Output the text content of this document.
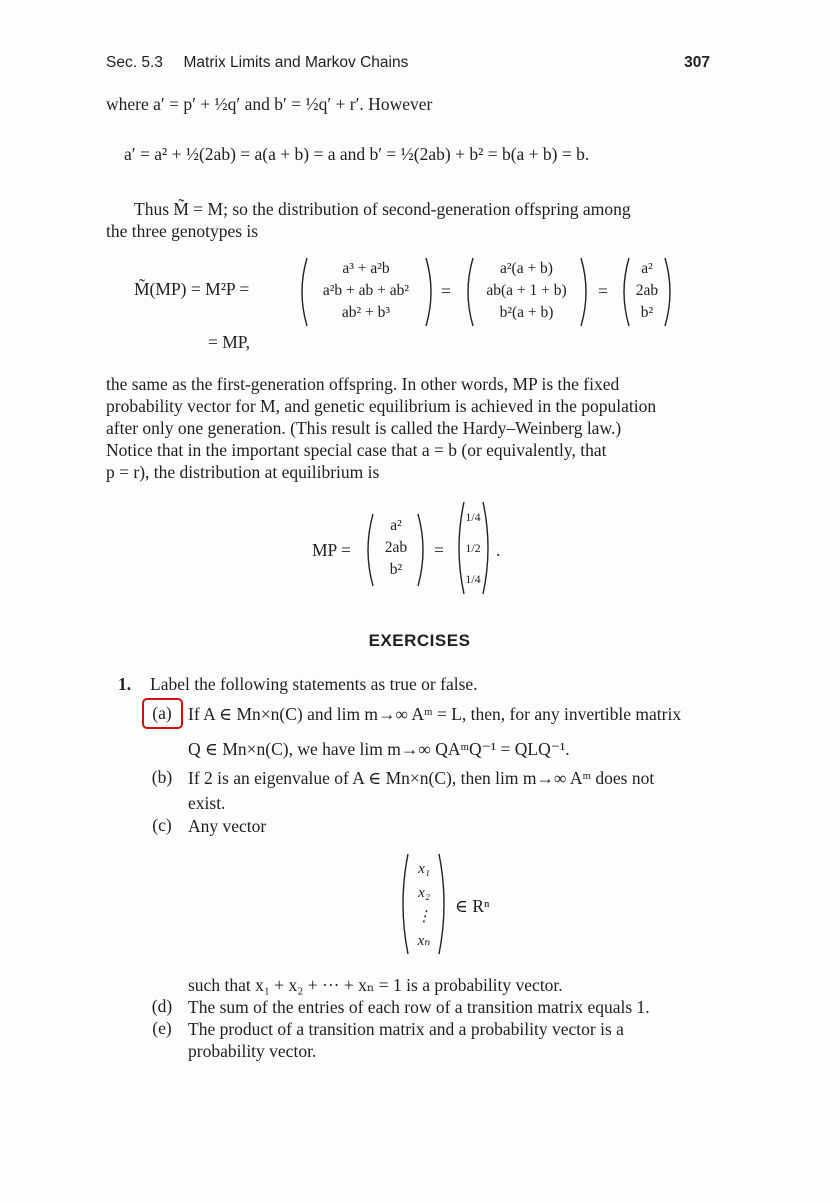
Sec. 5.3 Matrix Limits and Markov Chains	307
where a′ = p′ + ½q′ and b′ = ½q′ + r′. However
a′ = a² + ½(2ab) = a(a + b) = a and b′ = ½(2ab) + b² = b(a + b) = b.
Thus M̃ = M; so the distribution of second-generation offspring among
the three genotypes is
M̃(MP) = M²P =
a³ + a²b
a²b + ab + ab²
ab² + b³
=
a²(a + b)
ab(a + 1 + b)
b²(a + b)
=
a²
2ab
b²
= MP,
the same as the first-generation offspring. In other words, MP is the fixed
probability vector for M, and genetic equilibrium is achieved in the population
after only one generation. (This result is called the Hardy–Weinberg law.)
Notice that in the important special case that a = b (or equivalently, that
p = r), the distribution at equilibrium is
MP =
a²
2ab
b²
=
1/4
1/2
1/4
.
EXERCISES
1. Label the following statements as true or false.
(a) If A ∈ Mn×n(C) and lim m→∞ Aᵐ = L, then, for any invertible matrix
Q ∈ Mn×n(C), we have lim m→∞ QAᵐQ⁻¹ = QLQ⁻¹.
(b) If 2 is an eigenvalue of A ∈ Mn×n(C), then lim m→∞ Aᵐ does not
exist.
(c) Any vector
x₁
x₂
⋮
xₙ
∈ Rⁿ
such that x₁ + x₂ + ··· + xₙ = 1 is a probability vector.
(d) The sum of the entries of each row of a transition matrix equals 1.
(e) The product of a transition matrix and a probability vector is a
probability vector.
